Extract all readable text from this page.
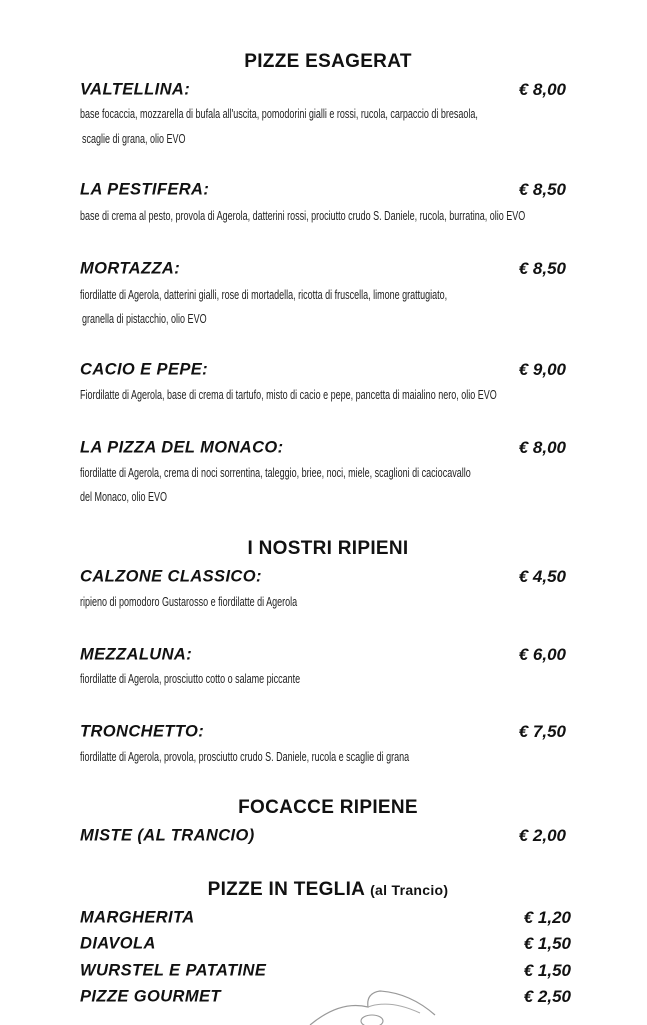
PIZZE ESAGERAT
VALTELLINA:	€ 8,00
base focaccia, mozzarella di bufala all'uscita, pomodorini gialli e rossi, rucola, carpaccio di bresaola,
scaglie di grana, olio EVO
LA PESTIFERA:	€ 8,50
base di crema al pesto, provola di Agerola, datterini rossi, prociutto crudo S. Daniele, rucola, burratina, olio EVO
MORTAZZA:	€ 8,50
fiordilatte di Agerola, datterini gialli, rose di mortadella, ricotta di fruscella, limone grattugiato,
granella di pistacchio, olio EVO
CACIO E PEPE:	€ 9,00
Fiordilatte di Agerola, base di crema di tartufo, misto di cacio e pepe, pancetta di maialino nero, olio EVO
LA PIZZA DEL MONACO:	€ 8,00
fiordilatte di Agerola, crema di noci sorrentina, taleggio, briee, noci, miele, scaglioni di caciocavallo
del Monaco, olio EVO
I NOSTRI RIPIENI
CALZONE CLASSICO:	€ 4,50
ripieno di pomodoro Gustarosso e fiordilatte di Agerola
MEZZALUNA:	€ 6,00
fiordilatte di Agerola, prosciutto cotto o salame piccante
TRONCHETTO:	€ 7,50
fiordilatte di Agerola, provola, prosciutto crudo S. Daniele, rucola e scaglie di grana
FOCACCE RIPIENE
MISTE (AL TRANCIO)	€ 2,00
PIZZE IN TEGLIA (al Trancio)
MARGHERITA	€ 1,20
DIAVOLA	€ 1,50
WURSTEL E PATATINE	€ 1,50
PIZZE GOURMET	€ 2,50
